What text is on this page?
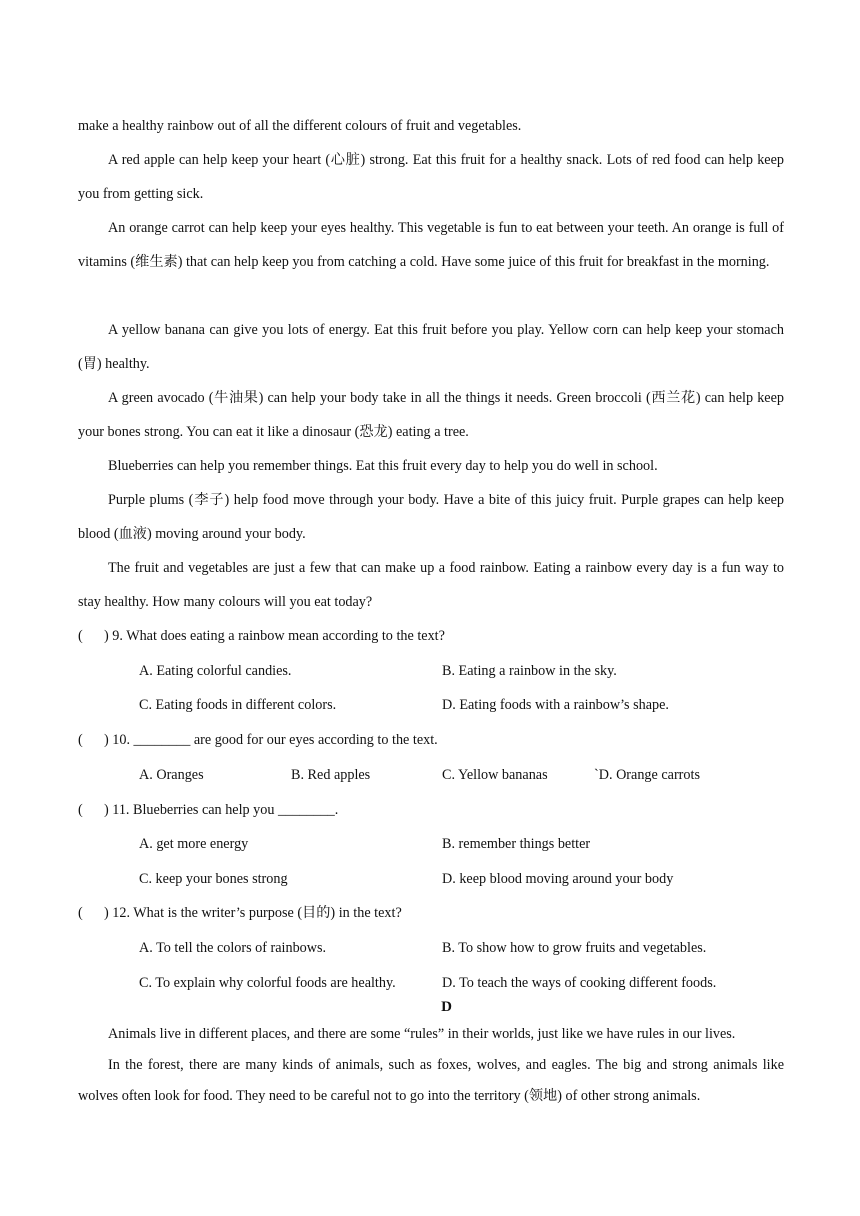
make a healthy rainbow out of all the different colours of fruit and vegetables.
A red apple can help keep your heart (心脏) strong. Eat this fruit for a healthy snack. Lots of red food can help keep you from getting sick.
An orange carrot can help keep your eyes healthy. This vegetable is fun to eat between your teeth. An orange is full of vitamins (维生素) that can help keep you from catching a cold. Have some juice of this fruit for breakfast in the morning.
A yellow banana can give you lots of energy. Eat this fruit before you play. Yellow corn can help keep your stomach (胃) healthy.
A green avocado (牛油果) can help your body take in all the things it needs. Green broccoli (西兰花) can help keep your bones strong. You can eat it like a dinosaur (恐龙) eating a tree.
Blueberries can help you remember things. Eat this fruit every day to help you do well in school.
Purple plums (李子) help food move through your body. Have a bite of this juicy fruit. Purple grapes can help keep blood (血液) moving around your body.
The fruit and vegetables are just a few that can make up a food rainbow. Eating a rainbow every day is a fun way to stay healthy. How many colours will you eat today?
( ) 9. What does eating a rainbow mean according to the text?
A. Eating colorful candies.	B. Eating a rainbow in the sky.
C. Eating foods in different colors.	D. Eating foods with a rainbow’s shape.
( ) 10. ________ are good for our eyes according to the text.
A. Oranges	B. Red apples	C. Yellow bananas	`D. Orange carrots
( ) 11. Blueberries can help you ________.
A. get more energy	B. remember things better
C. keep your bones strong	D. keep blood moving around your body
( ) 12. What is the writer’s purpose (目的) in the text?
A. To tell the colors of rainbows.	B. To show how to grow fruits and vegetables.
C. To explain why colorful foods are healthy.	D. To teach the ways of cooking different foods.
D
Animals live in different places, and there are some “rules” in their worlds, just like we have rules in our lives.
In the forest, there are many kinds of animals, such as foxes, wolves, and eagles. The big and strong animals like wolves often look for food. They need to be careful not to go into the territory (领地) of other strong animals.
